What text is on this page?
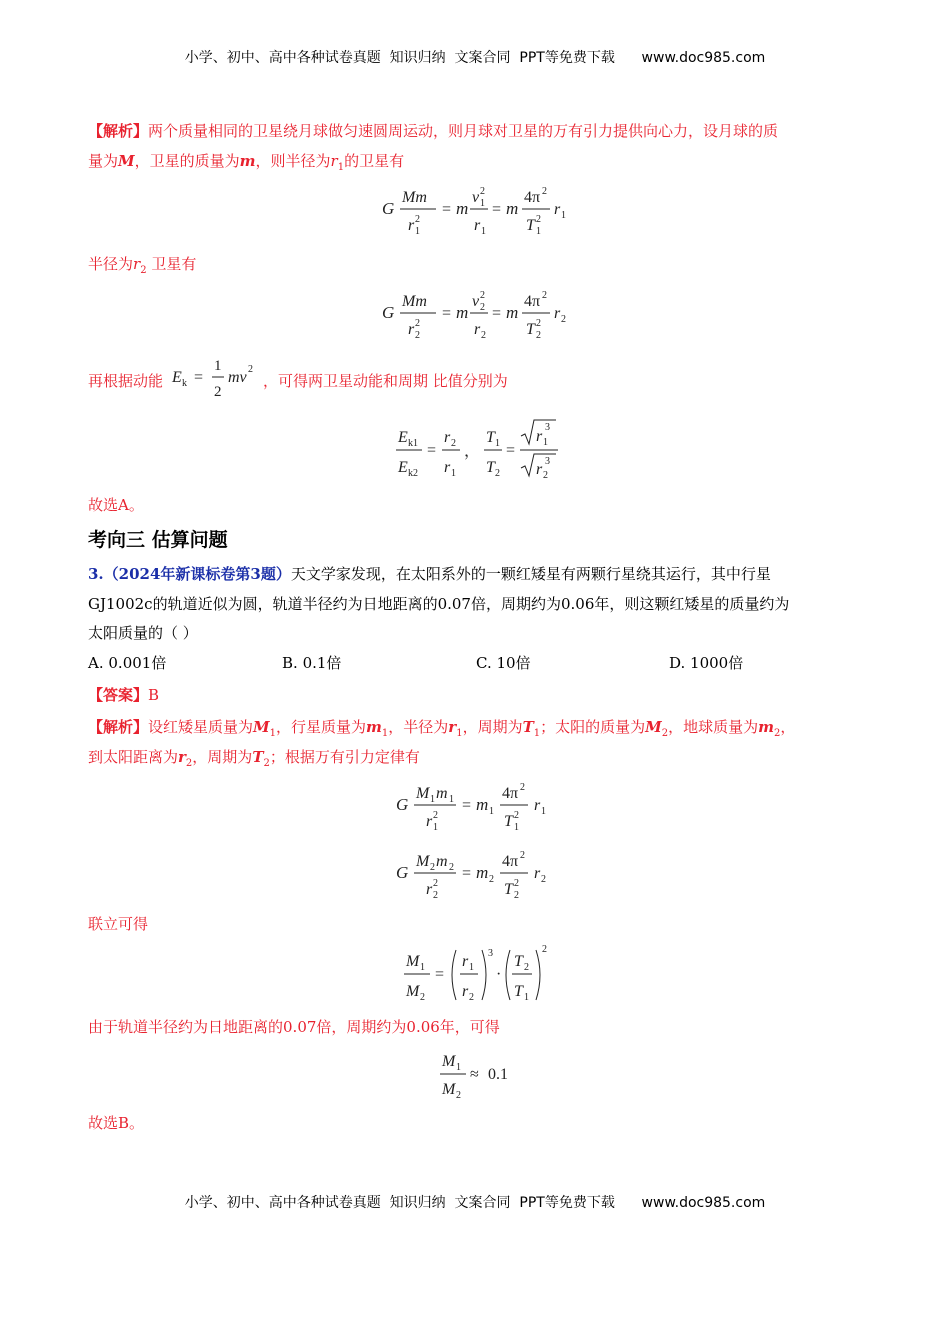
小学、初中、高中各种试卷真题  知识归纳  文案合同  PPT等免费下载 www.doc985.com
【解析】两个质量相同的卫星绕月球做匀速圆周运动，则月球对卫星的万有引力提供向心力，设月球的质
量为M，卫星的质量为m，则半径为$r_1$的卫星有
G
Mm
r 1
2
= m
v 1
2
r 1
= m
4π 2
T 1
2
r 1
半径为$r_2$ 卫星有
G
Mm
r 2
2
= m
v 2
2
r 2
= m
4π 2
T 2
2
r 2
再根据动能	，可得两卫星动能和周期 比值分别为
E k =
1
2
mv 2
E k1
E k2
=
r 2
r 1
，
T 1
T 2
=
r 1
3
r 2
3
故选A。
考向三 估算问题
3.（2024年新课标卷第3题）天文学家发现，在太阳系外的一颗红矮星有两颗行星绕其运行，其中行星
GJ1002c的轨道近似为圆，轨道半径约为日地距离的0.07倍，周期约为0.06年，则这颗红矮星的质量约为
太阳质量的（ ）
A. 0.001倍	B. 0.1倍	C. 10倍	D. 1000倍
【答案】B
【解析】设红矮星质量为$M_1$，行星质量为$m_1$，半径为$r_1$，周期为$T_1$；太阳的质量为$M_2$，地球质量为$m_2$，
到太阳距离为$r_2$，周期为$T_2$；根据万有引力定律有
G
M 1 m 1
r 1
2
= m 1
4π 2
T 1
2
r 1
G
M 2 m 2
r 2
2
= m 2
4π 2
T 2
2
r 2
联立可得
M 1
M 2
=
r 1
r 2
3
·
T 2
T 1
2
由于轨道半径约为日地距离的0.07倍，周期约为0.06年，可得
M 1
M 2
≈ 0.1
故选B。
小学、初中、高中各种试卷真题  知识归纳  文案合同  PPT等免费下载 www.doc985.com
